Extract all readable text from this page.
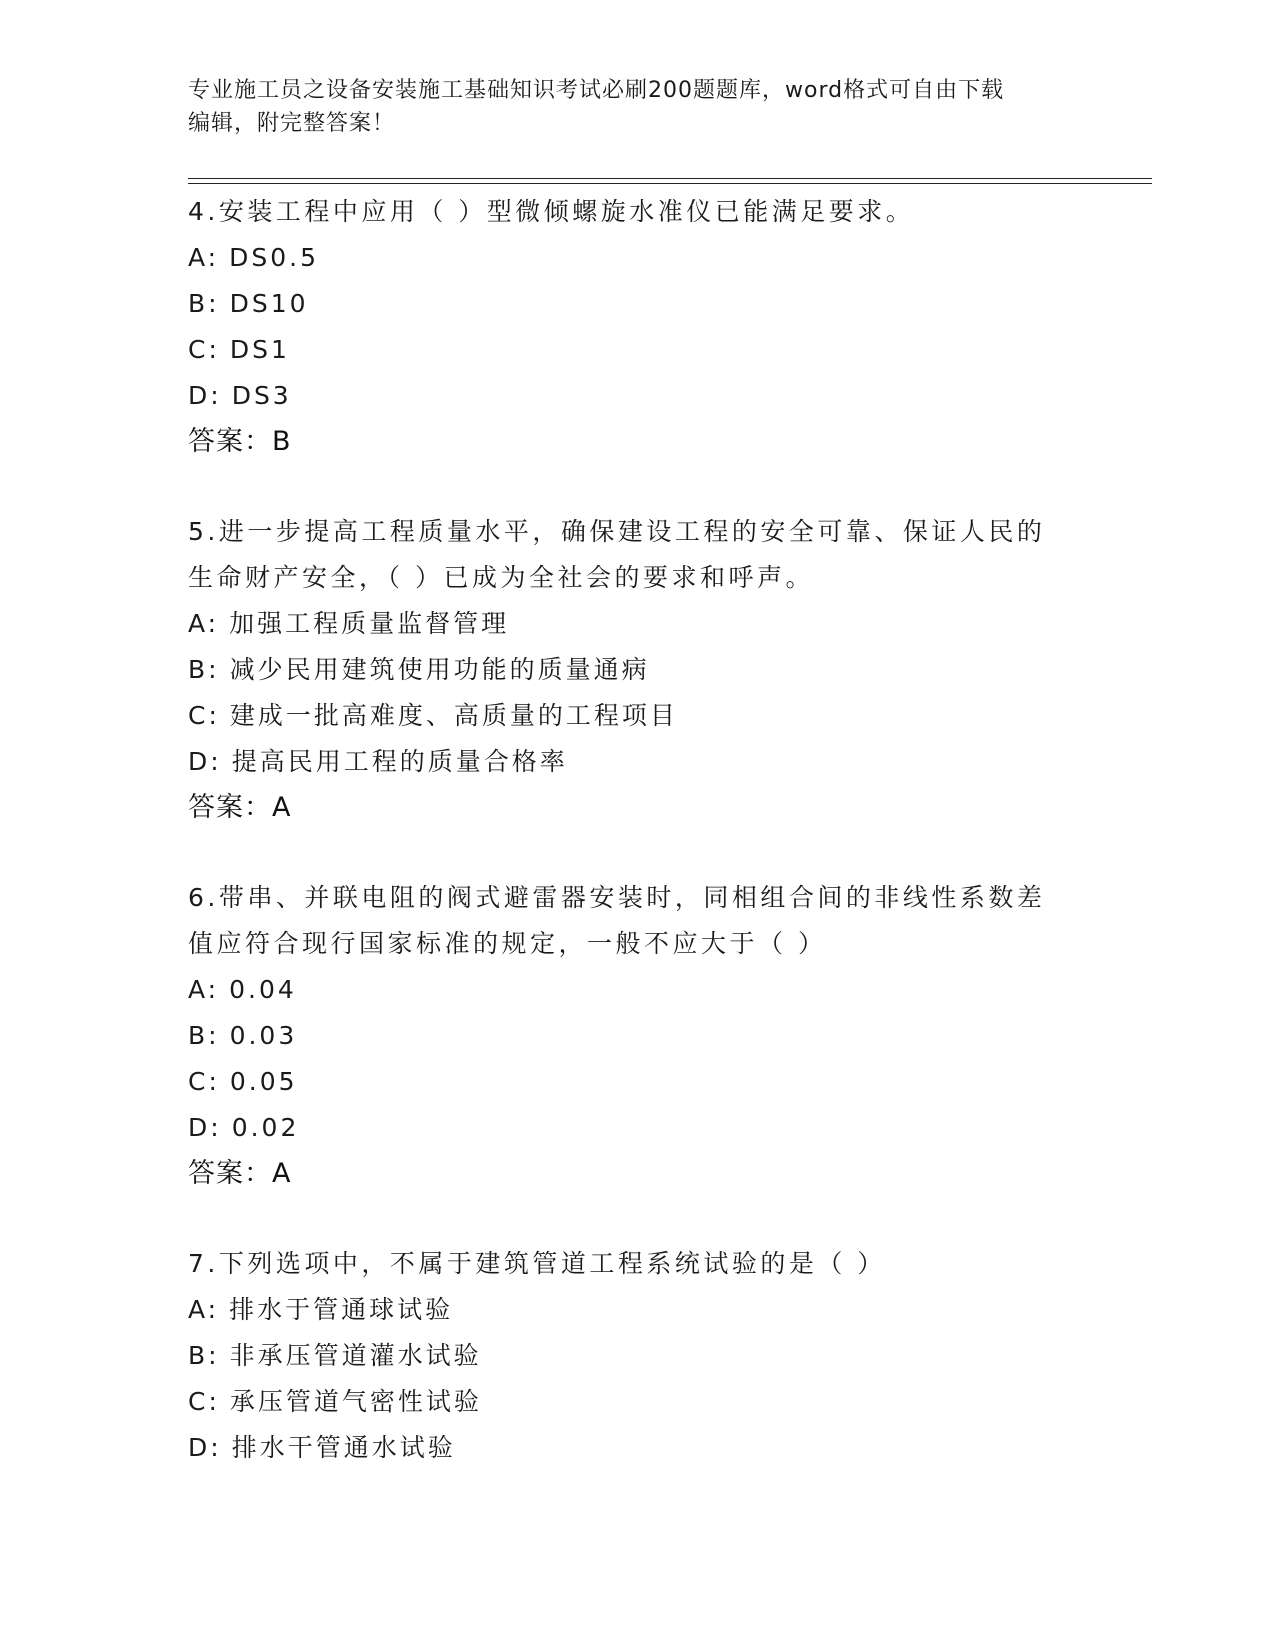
专业施工员之设备安装施工基础知识考试必刷200题题库，word格式可自由下载
编辑，附完整答案！
4.安装工程中应用（ ）型微倾螺旋水准仪已能满足要求。
A: DS0.5
B: DS10
C: DS1
D: DS3
答案：B
5.进一步提高工程质量水平，确保建设工程的安全可靠、保证人民的
生命财产安全，（ ）已成为全社会的要求和呼声。
A: 加强工程质量监督管理
B: 减少民用建筑使用功能的质量通病
C: 建成一批高难度、高质量的工程项目
D: 提高民用工程的质量合格率
答案：A
6.带串、并联电阻的阀式避雷器安装时，同相组合间的非线性系数差
值应符合现行国家标准的规定，一般不应大于（ ）
A: 0.04
B: 0.03
C: 0.05
D: 0.02
答案：A
7.下列选项中，不属于建筑管道工程系统试验的是（ ）
A: 排水于管通球试验
B: 非承压管道灌水试验
C: 承压管道气密性试验
D: 排水干管通水试验
